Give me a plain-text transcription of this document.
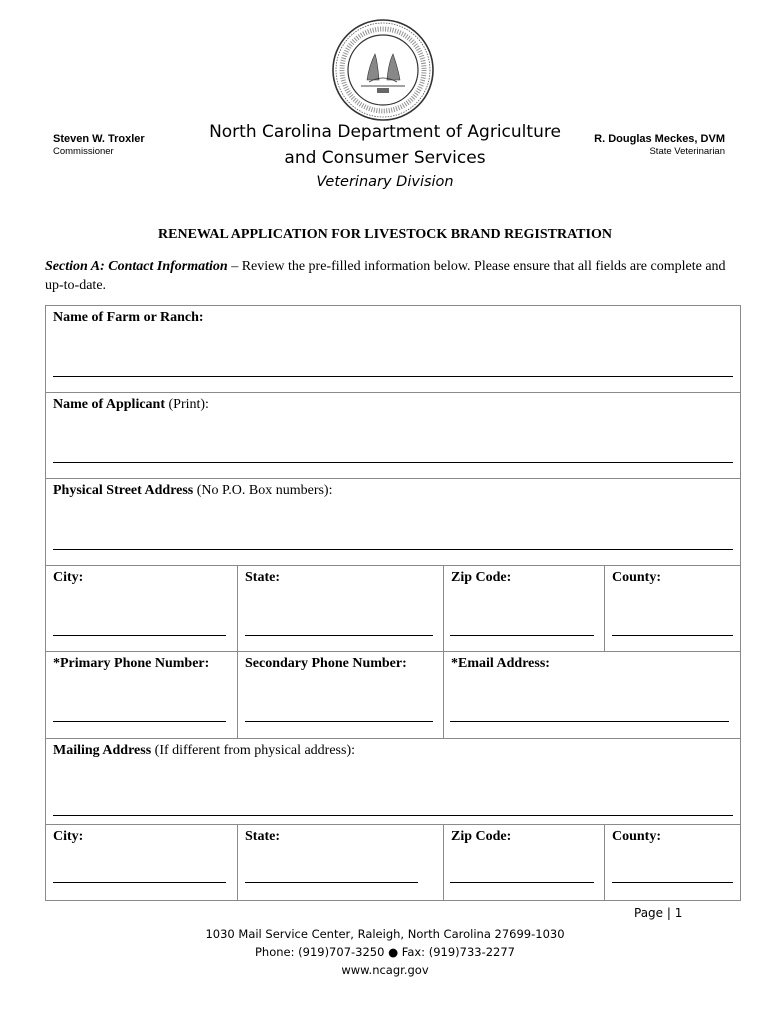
Steven W. Troxler
Commissioner
North Carolina Department of Agriculture
and Consumer Services
Veterinary Division
R. Douglas Meckes, DVM
State Veterinarian
RENEWAL APPLICATION FOR LIVESTOCK BRAND REGISTRATION
Section A: Contact Information – Review the pre-filled information below. Please ensure that all fields are complete and up-to-date.
Name of Farm or Ranch:
Name of Applicant (Print):
Physical Street Address (No P.O. Box numbers):
City:	State:	Zip Code:	County:
*Primary Phone Number:	Secondary Phone Number:	*Email Address:
Mailing Address (If different from physical address):
City:	State:	Zip Code:	County:
Page | 1
1030 Mail Service Center, Raleigh, North Carolina 27699-1030
Phone: (919)707-3250 ● Fax: (919)733-2277
www.ncagr.gov
